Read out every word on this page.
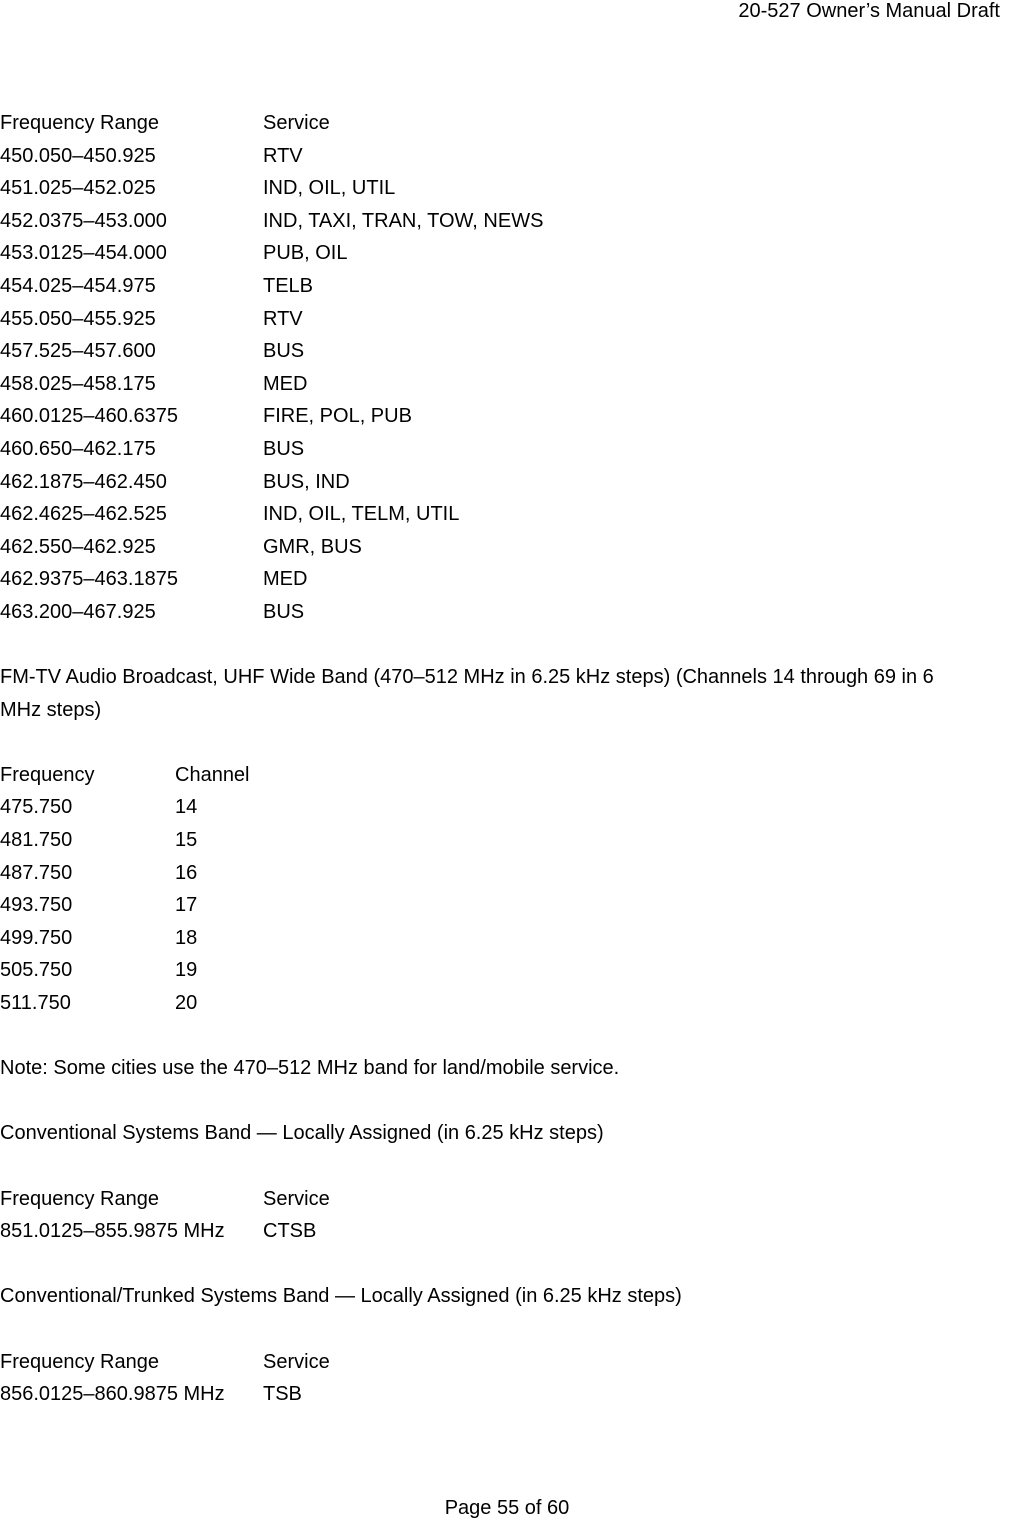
20-527 Owner’s Manual Draft
Frequency Range	Service
450.050–450.925	RTV
451.025–452.025	IND, OIL, UTIL
452.0375–453.000	IND, TAXI, TRAN, TOW, NEWS
453.0125–454.000	PUB, OIL
454.025–454.975	TELB
455.050–455.925	RTV
457.525–457.600	BUS
458.025–458.175	MED
460.0125–460.6375	FIRE, POL, PUB
460.650–462.175	BUS
462.1875–462.450	BUS, IND
462.4625–462.525	IND, OIL, TELM, UTIL
462.550–462.925	GMR, BUS
462.9375–463.1875	MED
463.200–467.925	BUS
FM-TV Audio Broadcast, UHF Wide Band (470–512 MHz in 6.25 kHz steps) (Channels 14 through 69 in 6
MHz steps)
Frequency	Channel
475.750	14
481.750	15
487.750	16
493.750	17
499.750	18
505.750	19
511.750	20
Note: Some cities use the 470–512 MHz band for land/mobile service.
Conventional Systems Band — Locally Assigned (in 6.25 kHz steps)
Frequency Range	Service
851.0125–855.9875 MHz CTSB
Conventional/Trunked Systems Band — Locally Assigned (in 6.25 kHz steps)
Frequency Range	Service
856.0125–860.9875 MHz TSB
Page 55 of 60
